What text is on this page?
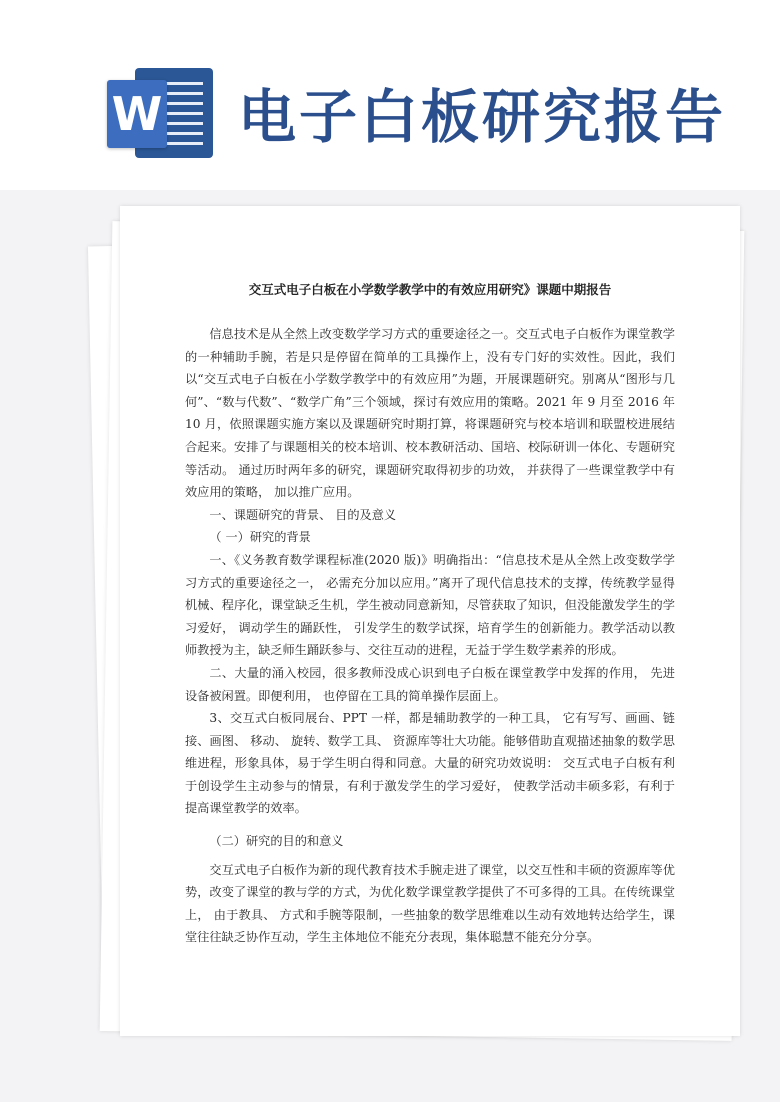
W 电子白板研究报告
交互式电子白板在小学数学教学中的有效应用研究》课题中期报告

信息技术是从全然上改变数学学习方式的重要途径之一。交互式电子白板作为课堂教学的一种辅助手腕，若是只是停留在简单的工具操作上，没有专门好的实效性。因此，我们以“交互式电子白板在小学数学教学中的有效应用”为题，开展课题研究。别离从“图形与几何”、“数与代数”、“数学广角”三个领域，探讨有效应用的策略。2021 年 9 月至 2016 年 10 月，依照课题实施方案以及课题研究时期打算，将课题研究与校本培训和联盟校进展结合起来。安排了与课题相关的校本培训、校本教研活动、国培、校际研训一体化、专题研究等活动。 通过历时两年多的研究，课题研究取得初步的功效， 并获得了一些课堂教学中有效应用的策略， 加以推广应用。

一、课题研究的背景、 目的及意义

（ 一）研究的背景

一、《义务教育数学课程标准(2020 版)》明确指出：“信息技术是从全然上改变数学学习方式的重要途径之一， 必需充分加以应用。”离开了现代信息技术的支撑，传统教学显得机械、程序化，课堂缺乏生机，学生被动同意新知，尽管获取了知识，但没能激发学生的学习爱好， 调动学生的踊跃性， 引发学生的数学试探，培育学生的创新能力。教学活动以教师教授为主，缺乏师生踊跃参与、交往互动的进程，无益于学生数学素养的形成。

二、大量的涌入校园，很多教师没成心识到电子白板在课堂教学中发挥的作用， 先进设备被闲置。即便利用， 也停留在工具的简单操作层面上。

3、交互式白板同展台、PPT 一样，都是辅助教学的一种工具， 它有写写、画画、链接、画图、 移动、 旋转、数学工具、 资源库等壮大功能。能够借助直观描述抽象的数学思维进程，形象具体，易于学生明白得和同意。大量的研究功效说明： 交互式电子白板有利于创设学生主动参与的情景，有利于激发学生的学习爱好， 使教学活动丰硕多彩，有利于提高课堂教学的效率。

（二）研究的目的和意义

交互式电子白板作为新的现代教育技术手腕走进了课堂，以交互性和丰硕的资源库等优势，改变了课堂的教与学的方式，为优化数学课堂教学提供了不可多得的工具。在传统课堂上， 由于教具、 方式和手腕等限制，一些抽象的数学思维难以生动有效地转达给学生，课堂往往缺乏协作互动，学生主体地位不能充分表现，集体聪慧不能充分分享。
